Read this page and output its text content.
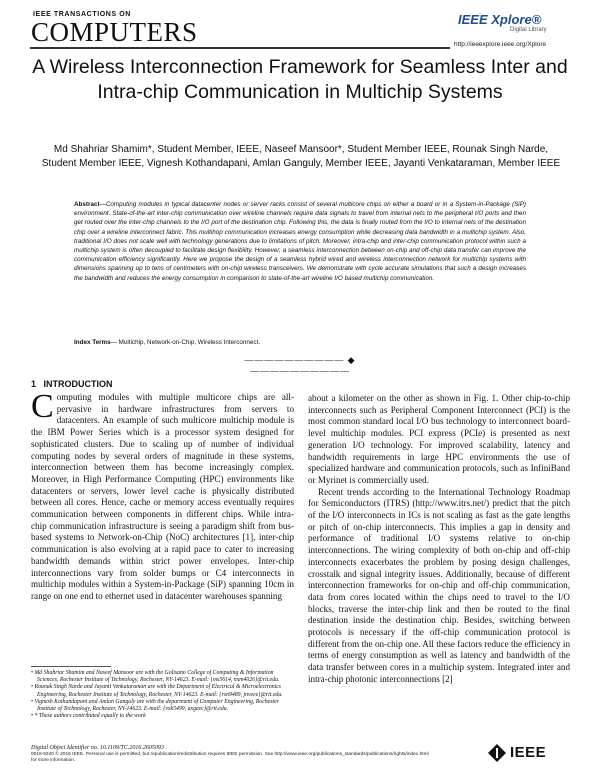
IEEE TRANSACTIONS ON
COMPUTERS	IEEE Xplore®
Digital Library
http://ieeexplore.ieee.org/Xplore
A Wireless Interconnection Framework for Seamless Inter and Intra-chip Communication in Multichip Systems
Md Shahriar Shamim*, Student Member, IEEE, Naseef Mansoor*, Student Member IEEE, Rounak Singh Narde, Student Member IEEE, Vignesh Kothandapani, Amlan Ganguly, Member IEEE, Jayanti Venkataraman, Member IEEE
Abstract—Computing modules in typical datacenter nodes or server racks consist of several multicore chips on either a board or in a System-in-Package (SiP) environment. State-of-the-art inter-chip communication over wireline channels require data signals to travel from internal nets to the peripheral I/O ports and then get routed over the inter-chip channels to the I/O port of the destination chip. Following this, the data is finally routed from the I/O to internal nets of the destination chip over a wireline interconnect fabric. This multihop communication increases energy consumption while decreasing data bandwidth in a multichip system. Also, traditional I/O does not scale well with technology generations due to limitations of pitch. Moreover, intra-chip and inter-chip communication protocol within such a multichip system is often decoupled to facilitate design flexibility. However, a seamless interconnection between on-chip and off-chip data transfer can improve the communication efficiency significantly. Here we propose the design of a seamless hybrid wired and wireless interconnection network for multichip systems with dimensions spanning up to tens of centimeters with on-chip wireless transceivers. We demonstrate with cycle accurate simulations that such a design increases the bandwidth and reduces the energy consumption in comparison to state-of-the-art wireline I/O based multichip communication.
Index Terms— Multichip, Network-on-Chip, Wireless Interconnect.
—————————— ◆ ——————————
1 INTRODUCTION
Computing modules with multiple multicore chips are all-pervasive in hardware infrastructures from servers to datacenters. An example of such multicore multichip module is the IBM Power Series which is a processor system designed for sophisticated clusters. Due to scaling up of number of individual computing nodes by several orders of magnitude in these systems, interconnection between them has become increasingly complex. Moreover, in High Performance Computing (HPC) environments like datacenters or servers, lower level cache is physically distributed between all cores. Hence, cache or memory access eventually requires communication between components in different chips. While intra-chip communication infrastructure is seeing a paradigm shift from bus-based systems to Network-on-Chip (NoC) architectures [1], inter-chip communication is also evolving at a rapid pace to cater to increasing bandwidth demands within strict power envelopes. Inter-chip interconnections vary from solder bumps or C4 interconnects in multichip modules within a System-in-Package (SiP) spanning 10cm in range on one end to ethernet used in datacenter warehouses spanning

about a kilometer on the other as shown in Fig. 1. Other chip-to-chip interconnects such as Peripheral Component Interconnect (PCI) is the most common standard local I/O bus technology to interconnect board-level multichip modules. PCI express (PCIe) is presented as next generation I/O technology. For improved scalability, latency and bandwidth requirements in large HPC environments the use of specialized hardware and communication protocols, such as InfiniBand or Myrinet is commercially used.

Recent trends according to the International Technology Roadmap for Semiconductors (ITRS) (http://www.itrs.net/) predict that the pitch of the I/O interconnects in ICs is not scaling as fast as the gate lengths or pitch of on-chip interconnects. This implies a gap in density and performance of traditional I/O systems relative to on-chip interconnections. The wiring complexity of both on-chip and off-chip interconnects exacerbates the problem by posing design challenges, crosstalk and signal integrity issues. Additionally, because of different interconnection frameworks for on-chip and off-chip communication, data from cores located within the chips need to travel to the I/O blocks, traverse the inter-chip link and then be routed to the final destination inside the destination chip. Besides, switching between protocols is necessary if the off-chip communication protocol is different from the on-chip one. All these factors reduce the efficiency in terms of energy consumption as well as latency and bandwidth of the data transfer between cores in a multichip system. Integrated inter and intra-chip photonic interconnections [2]

• Md Shahriar Shamim and Naseef Mansoor are with the Golisano College of Computing & Information Sciences, Rochester Institute of Technology, Rochester, NY-14623. E-mail: {ms5614, nxm4026}@rit.edu.
• Rounak Singh Narde and Jayanti Venkataraman are with the Department of Electrical & Microelectronics Engineering, Rochester Institute of Technology, Rochester, NY-14623. E-mail: {rsn9489, jnveee}@rit.edu.
• Vignesh Kothandapani and Amlan Ganguly are with the department of Computer Engineering, Rochester Institute of Technology, Rochester, NY-14623. E-mail: {vxk5499, axgeec}@rit.edu.
• * These authors contributed equally to the work
Digital Object Identifier no. 10.1109/TC.2016.2605093
0018-9340 © 2016 IEEE. Personal use is permitted, but republication/redistribution requires IEEE permission. See http://www.ieee.org/publications_standards/publications/rights/index.html for more information.	IEEE
